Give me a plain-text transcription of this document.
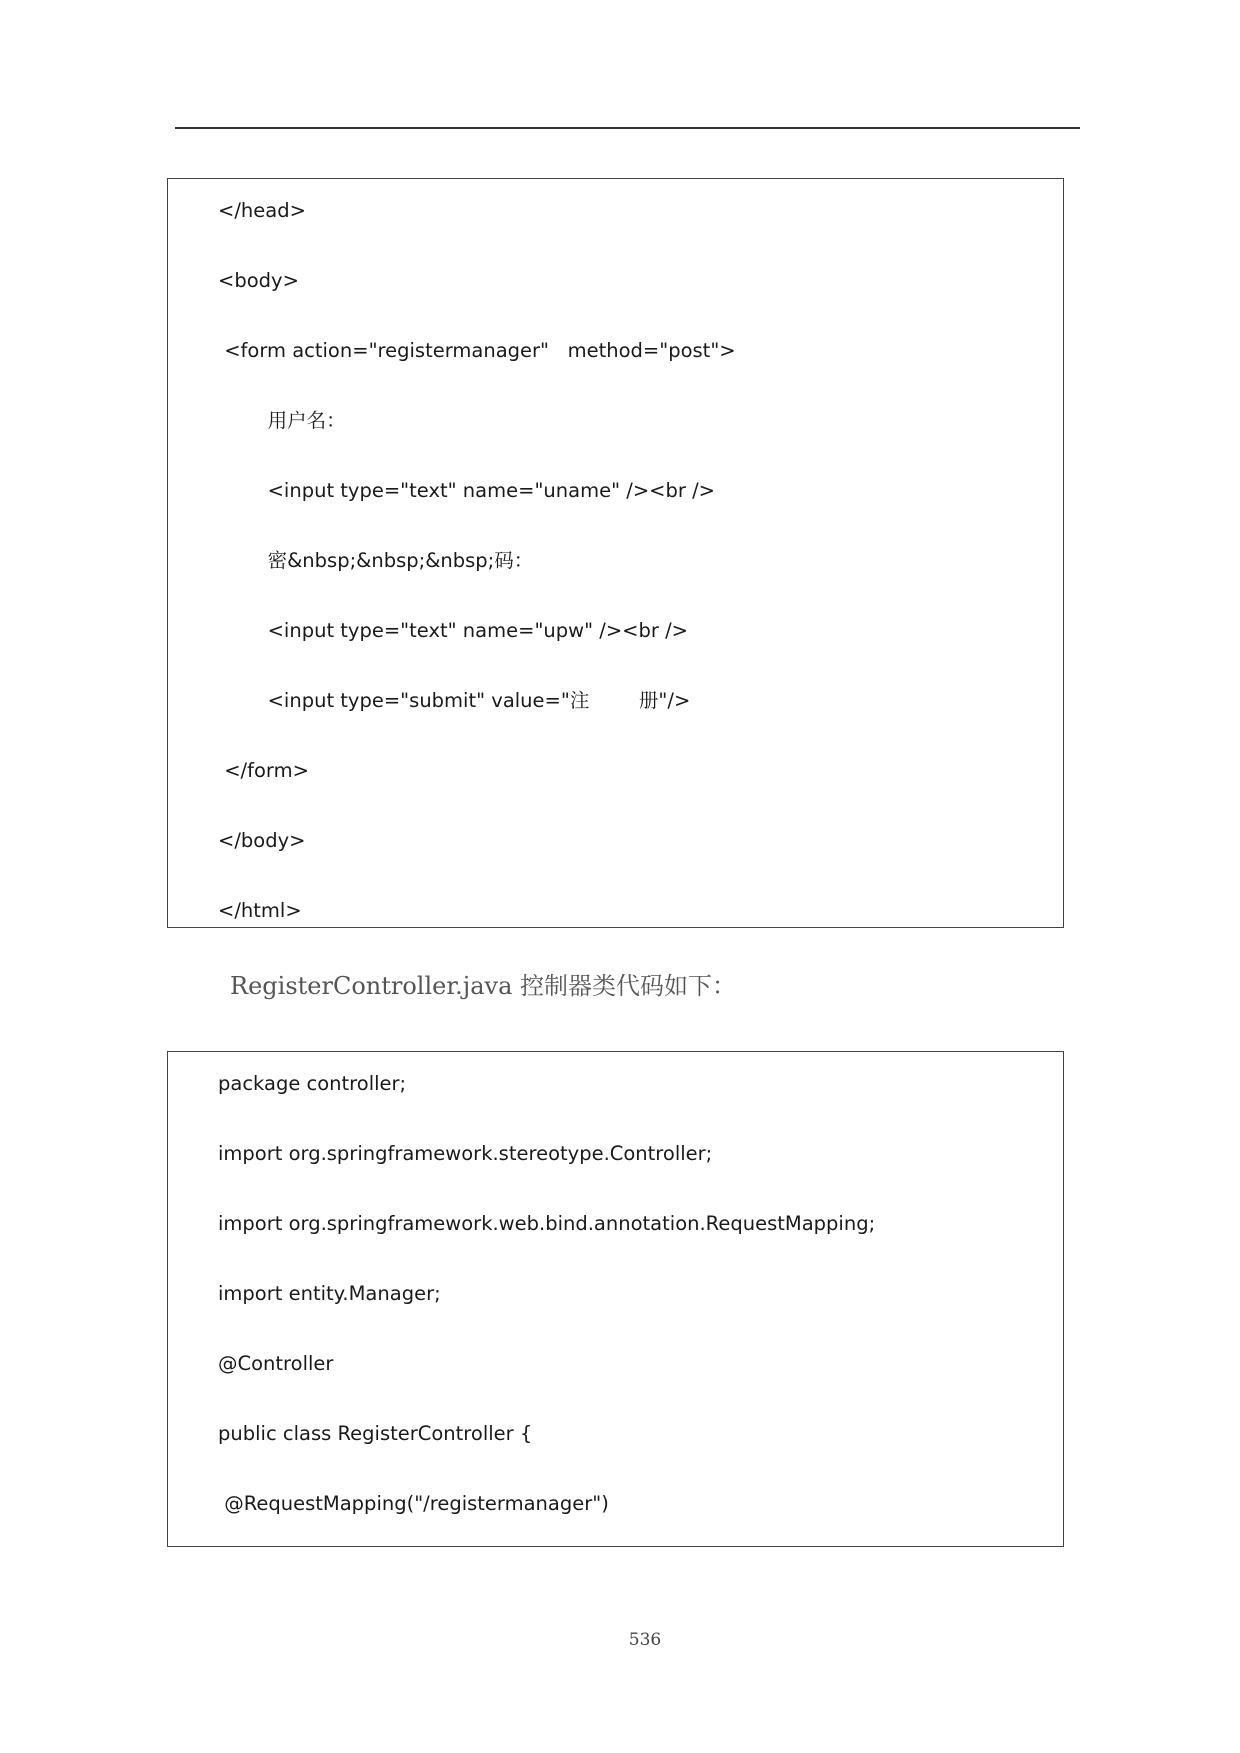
</head>
<body>
<form action="registermanager"   method="post">
用户名：
<input type="text" name="uname" /><br />
密&nbsp;&nbsp;&nbsp;码：
<input type="text" name="upw" /><br />
<input type="submit" value="注        册"/>
</form>
</body>
</html>
RegisterController.java 控制器类代码如下：
package controller;
import org.springframework.stereotype.Controller;
import org.springframework.web.bind.annotation.RequestMapping;
import entity.Manager;
@Controller
public class RegisterController {
@RequestMapping("/registermanager")
536
